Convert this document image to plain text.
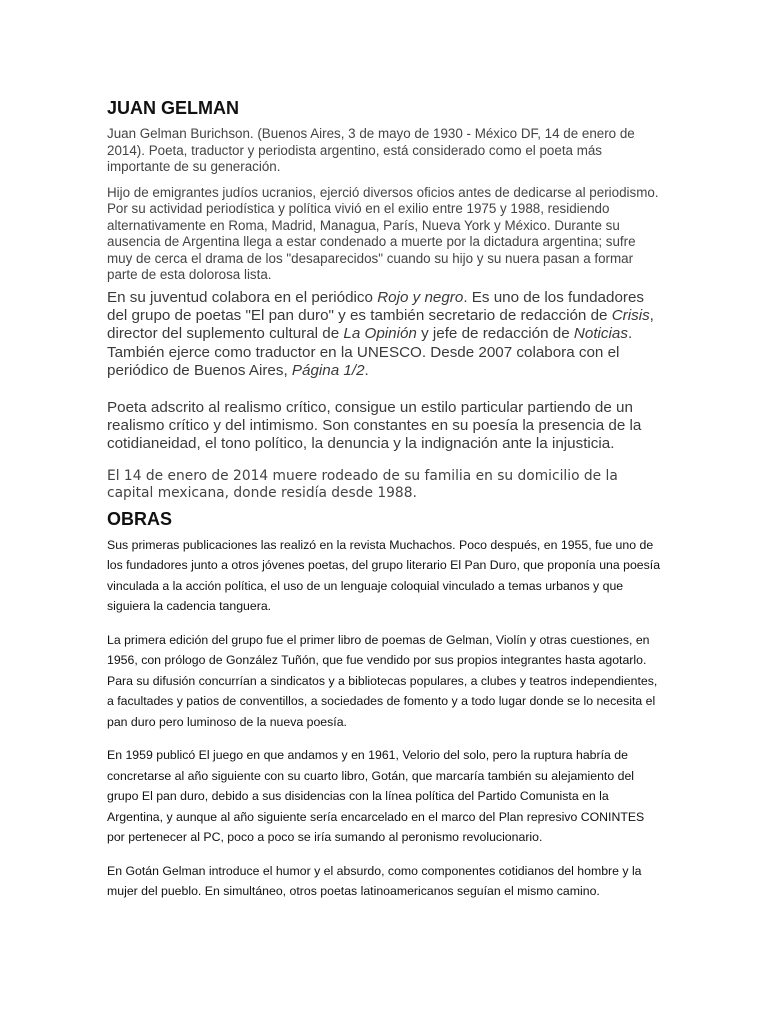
JUAN GELMAN

Juan Gelman Burichson. (Buenos Aires, 3 de mayo de 1930 - México DF, 14 de enero de 2014). Poeta, traductor y periodista argentino, está considerado como el poeta más importante de su generación.

Hijo de emigrantes judíos ucranios, ejerció diversos oficios antes de dedicarse al periodismo. Por su actividad periodística y política vivió en el exilio entre 1975 y 1988, residiendo alternativamente en Roma, Madrid, Managua, París, Nueva York y México. Durante su ausencia de Argentina llega a estar condenado a muerte por la dictadura argentina; sufre muy de cerca el drama de los "desaparecidos" cuando su hijo y su nuera pasan a formar parte de esta dolorosa lista.

En su juventud colabora en el periódico Rojo y negro. Es uno de los fundadores del grupo de poetas "El pan duro" y es también secretario de redacción de Crisis, director del suplemento cultural de La Opinión y jefe de redacción de Noticias. También ejerce como traductor en la UNESCO. Desde 2007 colabora con el periódico de Buenos Aires, Página 1/2.

Poeta adscrito al realismo crítico, consigue un estilo particular partiendo de un realismo crítico y del intimismo. Son constantes en su poesía la presencia de la cotidianeidad, el tono político, la denuncia y la indignación ante la injusticia.

El 14 de enero de 2014 muere rodeado de su familia en su domicilio de la capital mexicana, donde residía desde 1988.

OBRAS

Sus primeras publicaciones las realizó en la revista Muchachos. Poco después, en 1955, fue uno de los fundadores junto a otros jóvenes poetas, del grupo literario El Pan Duro, que proponía una poesía vinculada a la acción política, el uso de un lenguaje coloquial vinculado a temas urbanos y que siguiera la cadencia tanguera.

La primera edición del grupo fue el primer libro de poemas de Gelman, Violín y otras cuestiones, en 1956, con prólogo de González Tuñón, que fue vendido por sus propios integrantes hasta agotarlo. Para su difusión concurrían a sindicatos y a bibliotecas populares, a clubes y teatros independientes, a facultades y patios de conventillos, a sociedades de fomento y a todo lugar donde se lo necesita el pan duro pero luminoso de la nueva poesía.

En 1959 publicó El juego en que andamos y en 1961, Velorio del solo, pero la ruptura habría de concretarse al año siguiente con su cuarto libro, Gotán, que marcaría también su alejamiento del grupo El pan duro, debido a sus disidencias con la línea política del Partido Comunista en la Argentina, y aunque al año siguiente sería encarcelado en el marco del Plan represivo CONINTES por pertenecer al PC, poco a poco se iría sumando al peronismo revolucionario.

En Gotán Gelman introduce el humor y el absurdo, como componentes cotidianos del hombre y la mujer del pueblo. En simultáneo, otros poetas latinoamericanos seguían el mismo camino.
